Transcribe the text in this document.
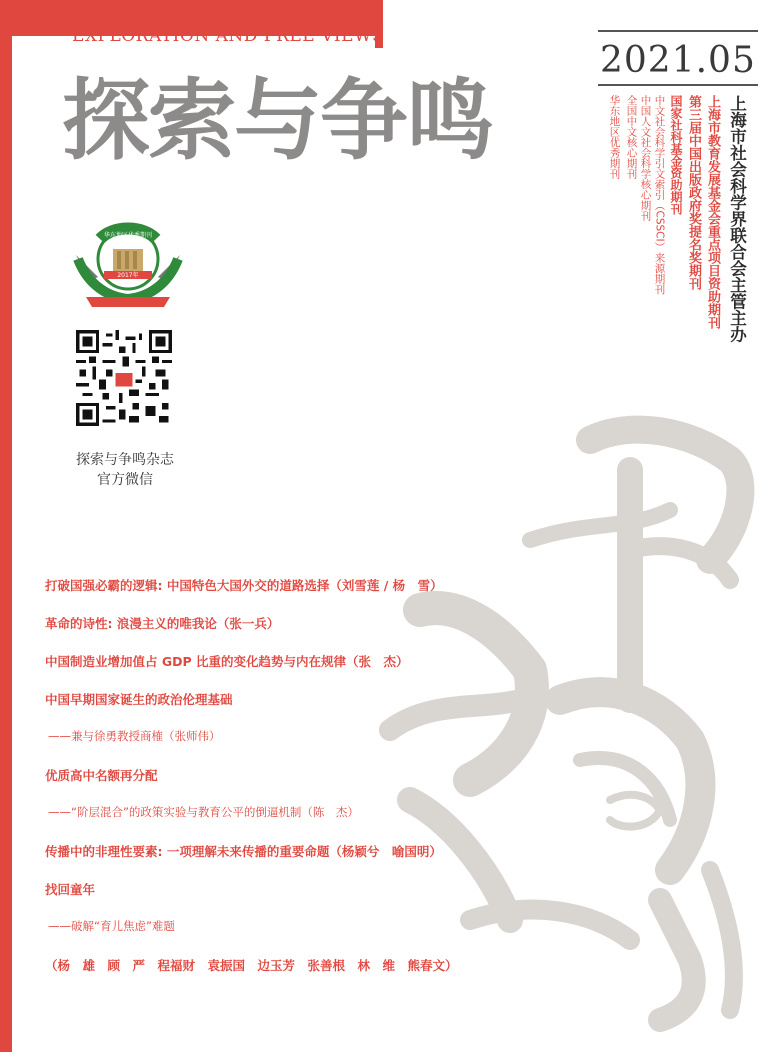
EXPLORATION AND FREE VIEWS
2021.05
探索与争鸣	上海市社会科学界联合会主管主办
上海市教育发展基金会重点项目资助期刊
第三届中国出版政府奖提名奖期刊
国家社科基金资助期刊
中文社会科学引文索引（CSSCI）来源期刊
中国人文社会科学核心期刊
全国中文核心期刊
华东地区优秀期刊
华东地区优秀期刊
2017年
探索与争鸣杂志
官方微信
打破国强必霸的逻辑: 中国特色大国外交的道路选择（刘雪莲 / 杨　雪）
革命的诗性: 浪漫主义的唯我论（张一兵）
中国制造业增加值占 GDP 比重的变化趋势与内在规律（张　杰）
中国早期国家诞生的政治伦理基础
——兼与徐勇教授商榷（张师伟）
优质高中名额再分配
——“阶层混合”的政策实验与教育公平的倒逼机制（陈　杰）
传播中的非理性要素: 一项理解未来传播的重要命题（杨颖兮　喻国明）
找回童年
——破解“育儿焦虑”难题
（杨　雄　顾　严　程福财　袁振国　边玉芳　张善根　林　维　熊春文）
